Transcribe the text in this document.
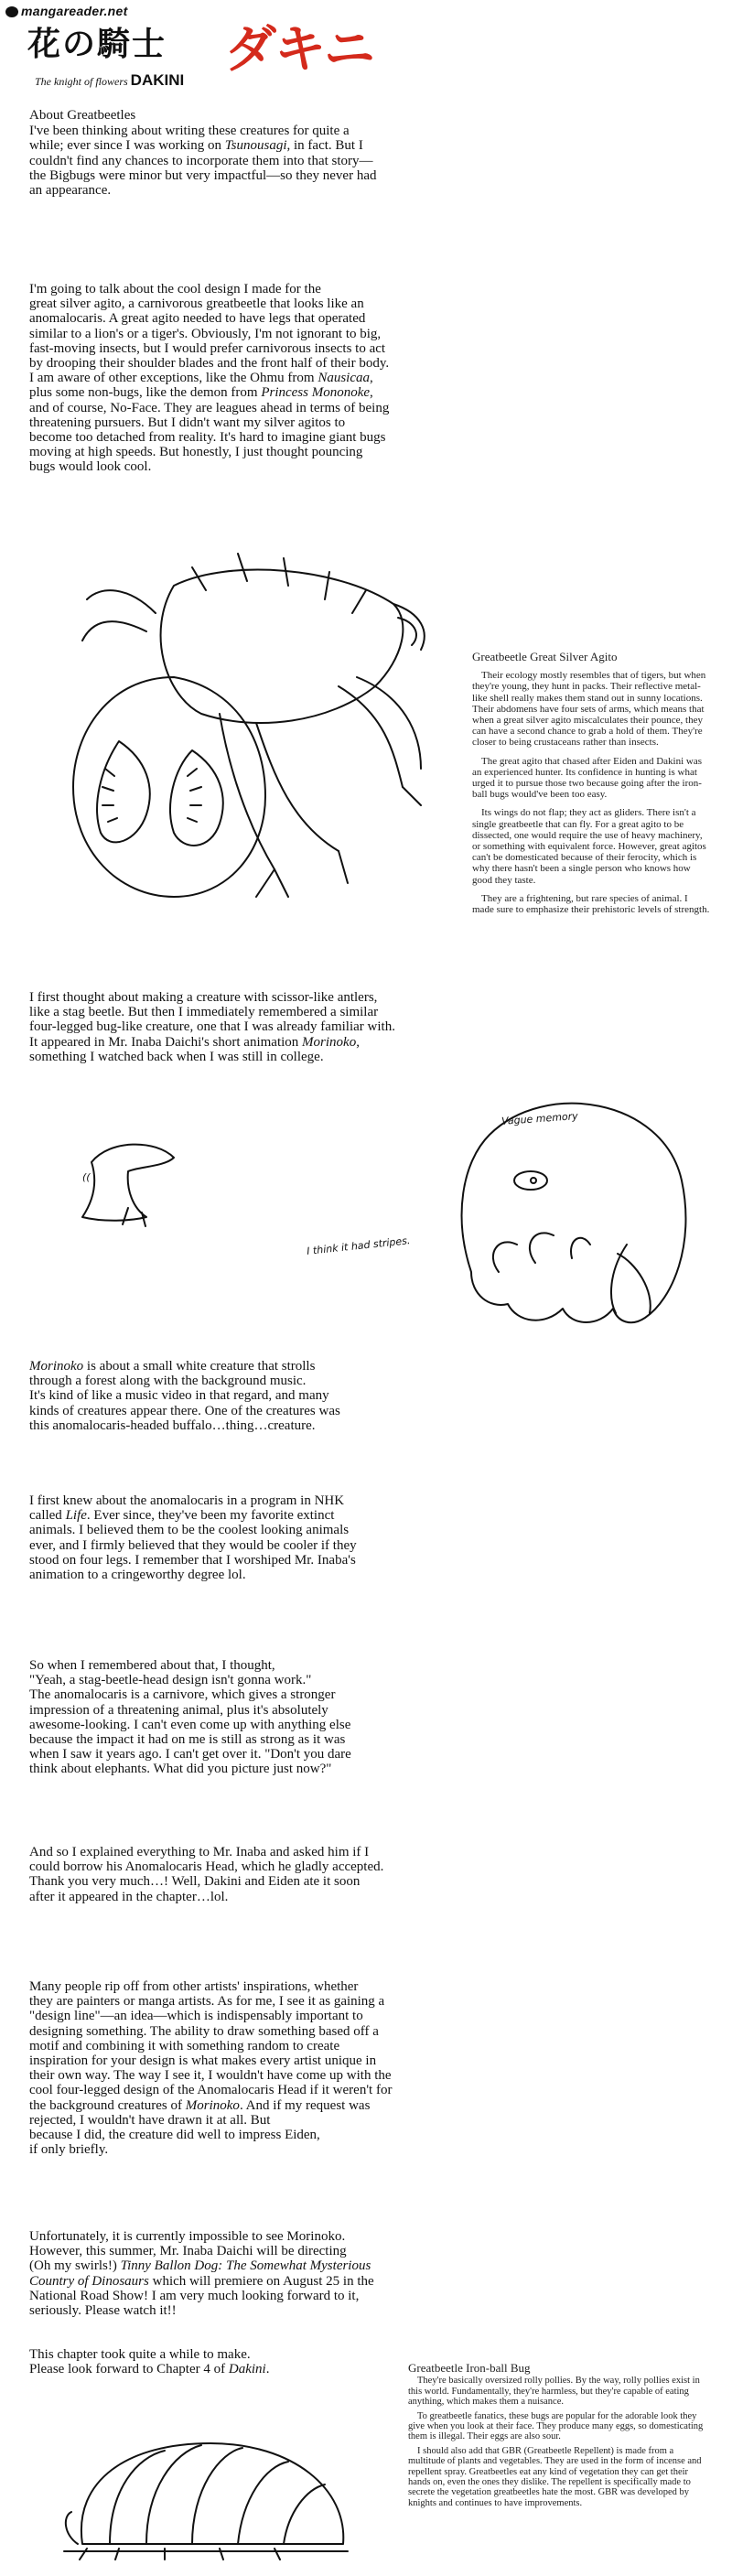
mangareader.net
花の騎士 ダキニ
The knight of flowers DAKINI

About Greatbeetles

I've been thinking about writing these creatures for quite a
while; ever since I was working on Tsunousagi, in fact. But I
couldn't find any chances to incorporate them into that story—
the Bigbugs were minor but very impactful—so they never had
an appearance.

I'm going to talk about the cool design I made for the
great silver agito, a carnivorous greatbeetle that looks like an
anomalocaris. A great agito needed to have legs that operated
similar to a lion's or a tiger's. Obviously, I'm not ignorant to big,
fast-moving insects, but I would prefer carnivorous insects to act
by drooping their shoulder blades and the front half of their body.
I am aware of other exceptions, like the Ohmu from Nausicaa,
plus some non-bugs, like the demon from Princess Mononoke,
and of course, No-Face. They are leagues ahead in terms of being
threatening pursuers. But I didn't want my silver agitos to
become too detached from reality. It's hard to imagine giant bugs
moving at high speeds. But honestly, I just thought pouncing
bugs would look cool.

Greatbeetle Great Silver Agito

Their ecology mostly resembles that of tigers, but when they're young, they hunt in packs. Their reflective metal-like shell really makes them stand out in sunny locations. Their abdomens have four sets of arms, which means that when a great silver agito miscalculates their pounce, they can have a second chance to grab a hold of them. They're closer to being crustaceans rather than insects.

The great agito that chased after Eiden and Dakini was an experienced hunter. Its confidence in hunting is what urged it to pursue those two because going after the iron-ball bugs would've been too easy.

Its wings do not flap; they act as gliders. There isn't a single greatbeetle that can fly. For a great agito to be dissected, one would require the use of heavy machinery, or something with equivalent force. However, great agitos can't be domesticated because of their ferocity, which is why there hasn't been a single person who knows how good they taste.

They are a frightening, but rare species of animal. I made sure to emphasize their prehistoric levels of strength.

I first thought about making a creature with scissor-like antlers,
like a stag beetle. But then I immediately remembered a similar
four-legged bug-like creature, one that I was already familiar with.
It appeared in Mr. Inaba Daichi's short animation Morinoko,
something I watched back when I was still in college.

((
Vague memory
I think it had stripes.

Morinoko is about a small white creature that strolls
through a forest along with the background music.
It's kind of like a music video in that regard, and many
kinds of creatures appear there. One of the creatures was
this anomalocaris-headed buffalo…thing…creature.

I first knew about the anomalocaris in a program in NHK
called Life. Ever since, they've been my favorite extinct
animals. I believed them to be the coolest looking animals
ever, and I firmly believed that they would be cooler if they
stood on four legs. I remember that I worshiped Mr. Inaba's
animation to a cringeworthy degree lol.

So when I remembered about that, I thought,
"Yeah, a stag-beetle-head design isn't gonna work."
The anomalocaris is a carnivore, which gives a stronger
impression of a threatening animal, plus it's absolutely
awesome-looking. I can't even come up with anything else
because the impact it had on me is still as strong as it was
when I saw it years ago. I can't get over it. "Don't you dare
think about elephants. What did you picture just now?"

And so I explained everything to Mr. Inaba and asked him if I
could borrow his Anomalocaris Head, which he gladly accepted.
Thank you very much…! Well, Dakini and Eiden ate it soon
after it appeared in the chapter…lol.

Many people rip off from other artists' inspirations, whether
they are painters or manga artists. As for me, I see it as gaining a
"design line"—an idea—which is indispensably important to
designing something. The ability to draw something based off a
motif and combining it with something random to create
inspiration for your design is what makes every artist unique in
their own way. The way I see it, I wouldn't have come up with the
cool four-legged design of the Anomalocaris Head if it weren't for
the background creatures of Morinoko. And if my request was
rejected, I wouldn't have drawn it at all. But
because I did, the creature did well to impress Eiden,
if only briefly.

Unfortunately, it is currently impossible to see Morinoko.
However, this summer, Mr. Inaba Daichi will be directing
(Oh my swirls!) Tinny Ballon Dog: The Somewhat Mysterious
Country of Dinosaurs which will premiere on August 25 in the
National Road Show! I am very much looking forward to it,
seriously. Please watch it!!

This chapter took quite a while to make.
Please look forward to Chapter 4 of Dakini.	Greatbeetle Iron-ball Bug

They're basically oversized rolly pollies. By the way, rolly pollies exist in this world. Fundamentally, they're harmless, but they're capable of eating anything, which makes them a nuisance.

To greatbeetle fanatics, these bugs are popular for the adorable look they give when you look at their face. They produce many eggs, so domesticating them is illegal. Their eggs are also sour.

I should also add that GBR (Greatbeetle Repellent) is made from a multitude of plants and vegetables. They are used in the form of incense and repellent spray. Greatbeetles eat any kind of vegetation they can get their hands on, even the ones they dislike. The repellent is specifically made to secrete the vegetation greatbeetles hate the most. GBR was developed by knights and continues to have improvements.
